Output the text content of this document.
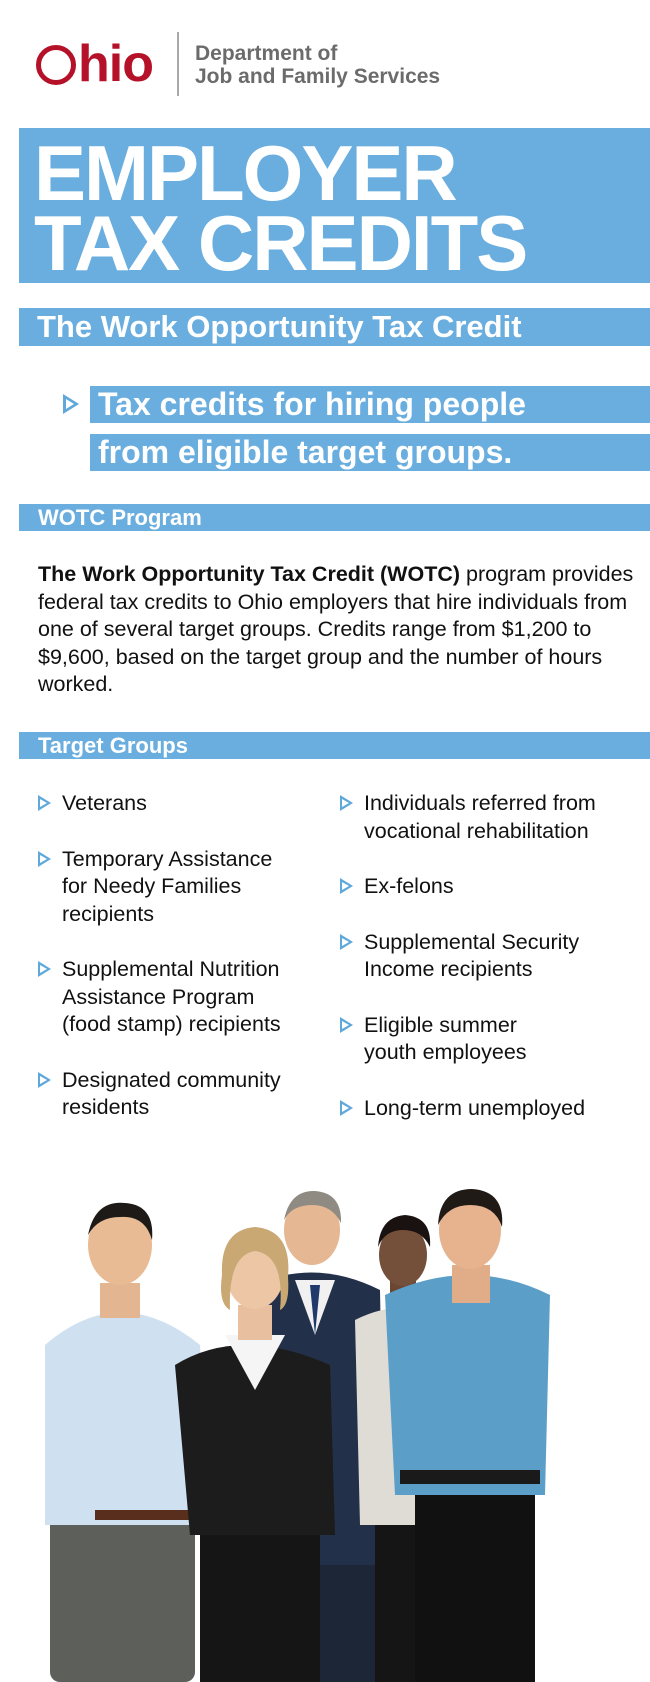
hio Department of
Job and Family Services
EMPLOYER
TAX CREDITS
The Work Opportunity Tax Credit
Tax credits for hiring people
from eligible target groups.
WOTC Program
The Work Opportunity Tax Credit (WOTC) program provides federal tax credits to Ohio employers that hire individuals from one of several target groups. Credits range from $1,200 to $9,600, based on the target group and the number of hours worked.
Target Groups
Veterans
Temporary Assistance
for Needy Families
recipients
Supplemental Nutrition
Assistance Program
(food stamp) recipients
Designated community
residents
Individuals referred from
vocational rehabilitation
Ex-felons
Supplemental Security
Income recipients
Eligible summer
youth employees
Long-term unemployed
